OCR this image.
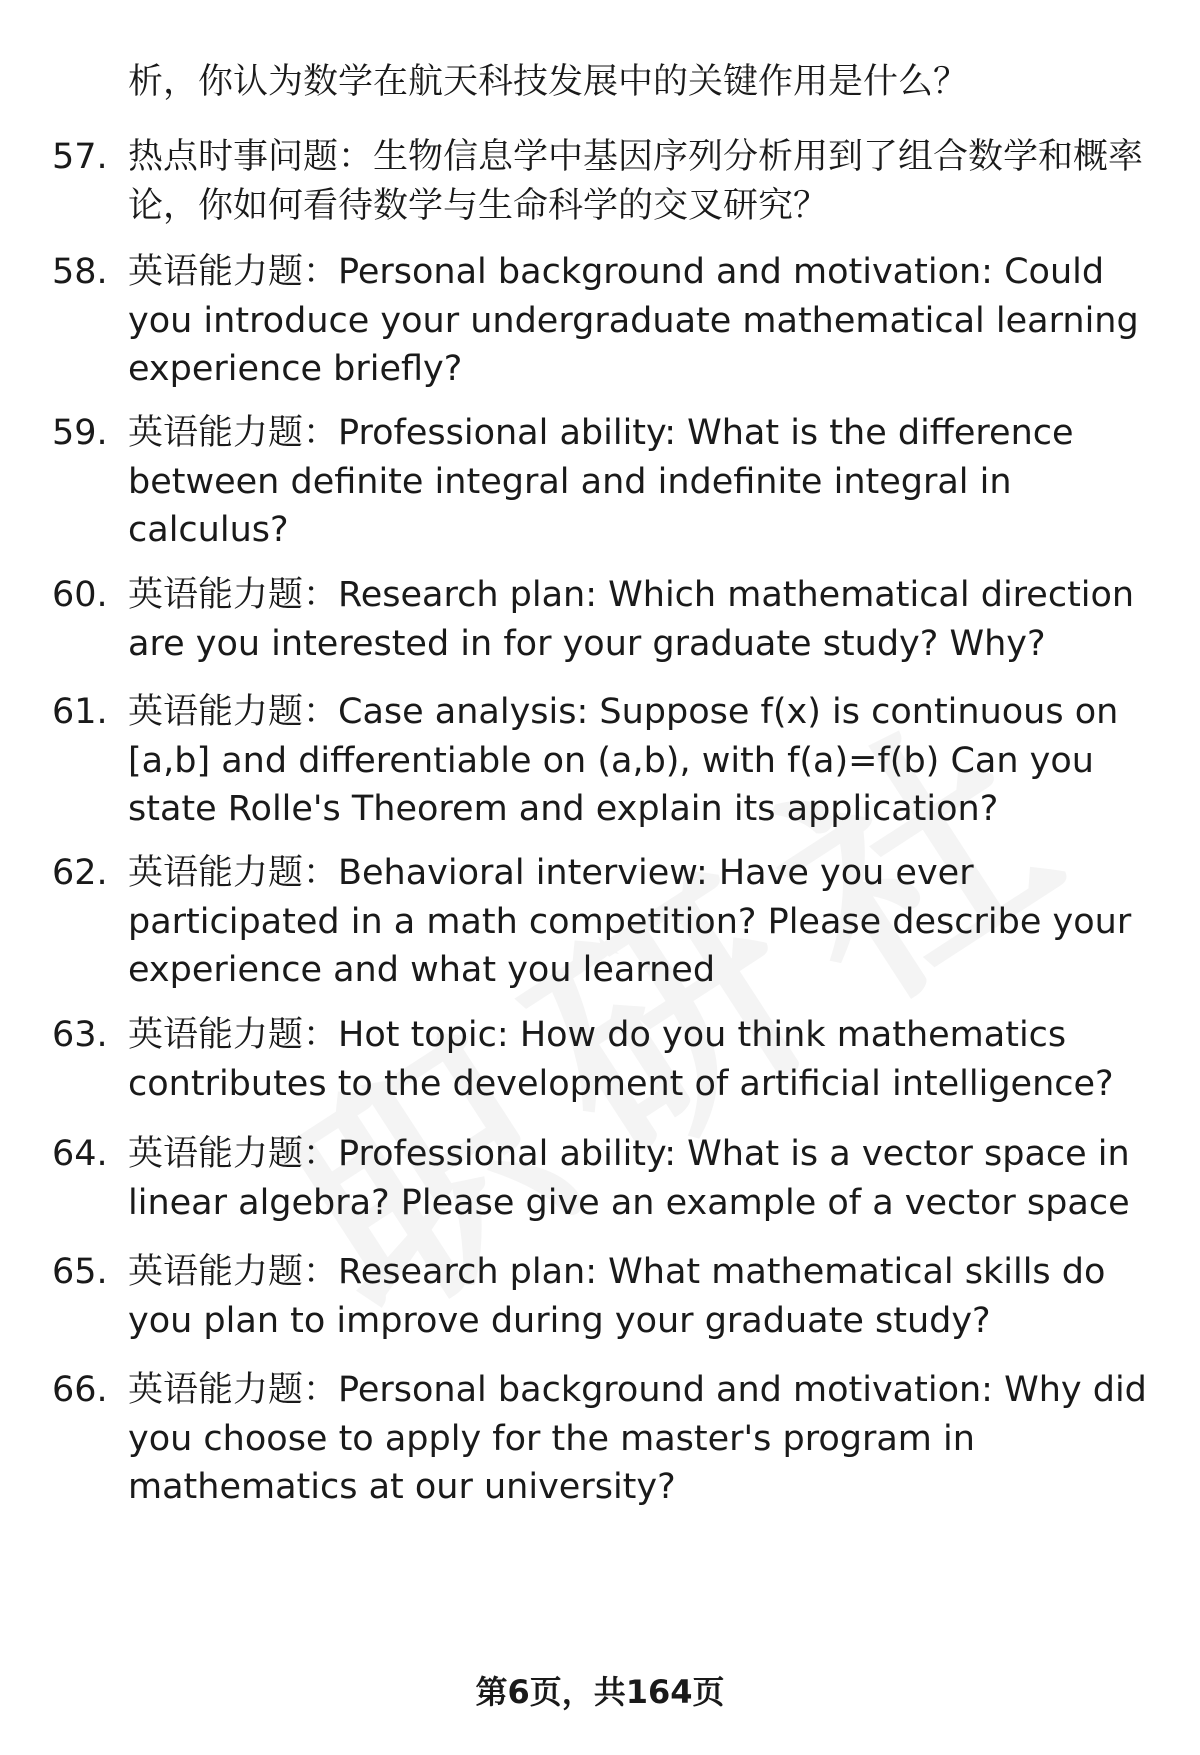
析，你认为数学在航天科技发展中的关键作用是什么？
57. 热点时事问题：生物信息学中基因序列分析用到了组合数学和概率论，你如何看待数学与生命科学的交叉研究？
58. 英语能力题：Personal background and motivation: Could you introduce your undergraduate mathematical learning experience briefly?
59. 英语能力题：Professional ability: What is the difference between definite integral and indefinite integral in calculus?
60. 英语能力题：Research plan: Which mathematical direction are you interested in for your graduate study? Why?
61. 英语能力题：Case analysis: Suppose f(x) is continuous on [a,b] and differentiable on (a,b), with f(a)=f(b) Can you state Rolle's Theorem and explain its application?
62. 英语能力题：Behavioral interview: Have you ever participated in a math competition? Please describe your experience and what you learned
63. 英语能力题：Hot topic: How do you think mathematics contributes to the development of artificial intelligence?
64. 英语能力题：Professional ability: What is a vector space in linear algebra? Please give an example of a vector space
65. 英语能力题：Research plan: What mathematical skills do you plan to improve during your graduate study?
66. 英语能力题：Personal background and motivation: Why did you choose to apply for the master's program in mathematics at our university?
第6页，共164页
